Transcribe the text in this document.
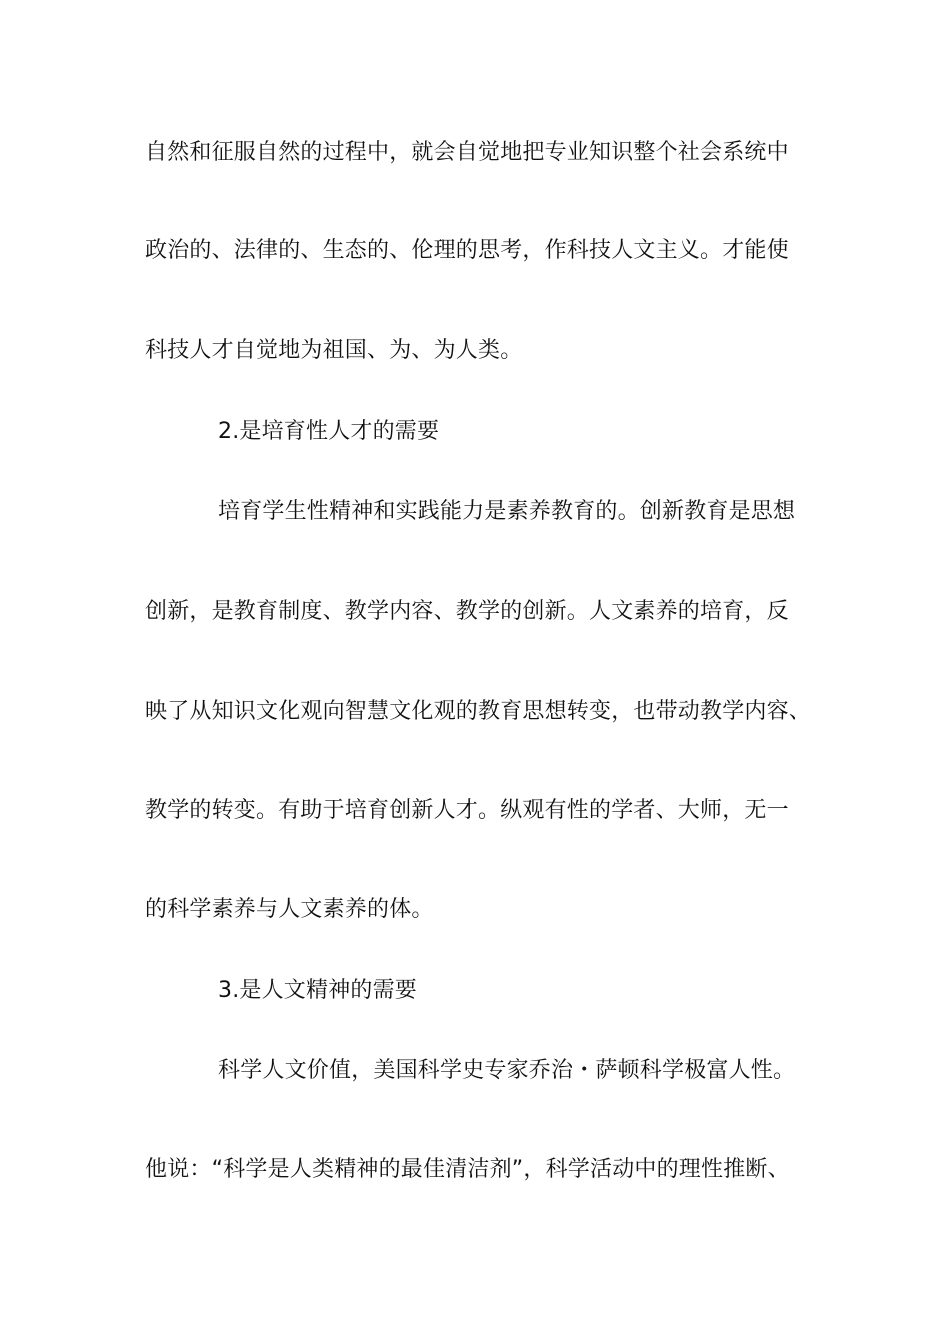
自然和征服自然的过程中，就会自觉地把专业知识整个社会系统中
政治的、法律的、生态的、伦理的思考，作科技人文主义。才能使
科技人才自觉地为祖国、为、为人类。
2.是培育性人才的需要
培育学生性精神和实践能力是素养教育的。创新教育是思想
创新，是教育制度、教学内容、教学的创新。人文素养的培育，反
映了从知识文化观向智慧文化观的教育思想转变，也带动教学内容、
教学的转变。有助于培育创新人才。纵观有性的学者、大师，无一
的科学素养与人文素养的体。
3.是人文精神的需要
科学人文价值，美国科学史专家乔治・萨顿科学极富人性。
他说：“科学是人类精神的最佳清洁剂”，科学活动中的理性推断、
